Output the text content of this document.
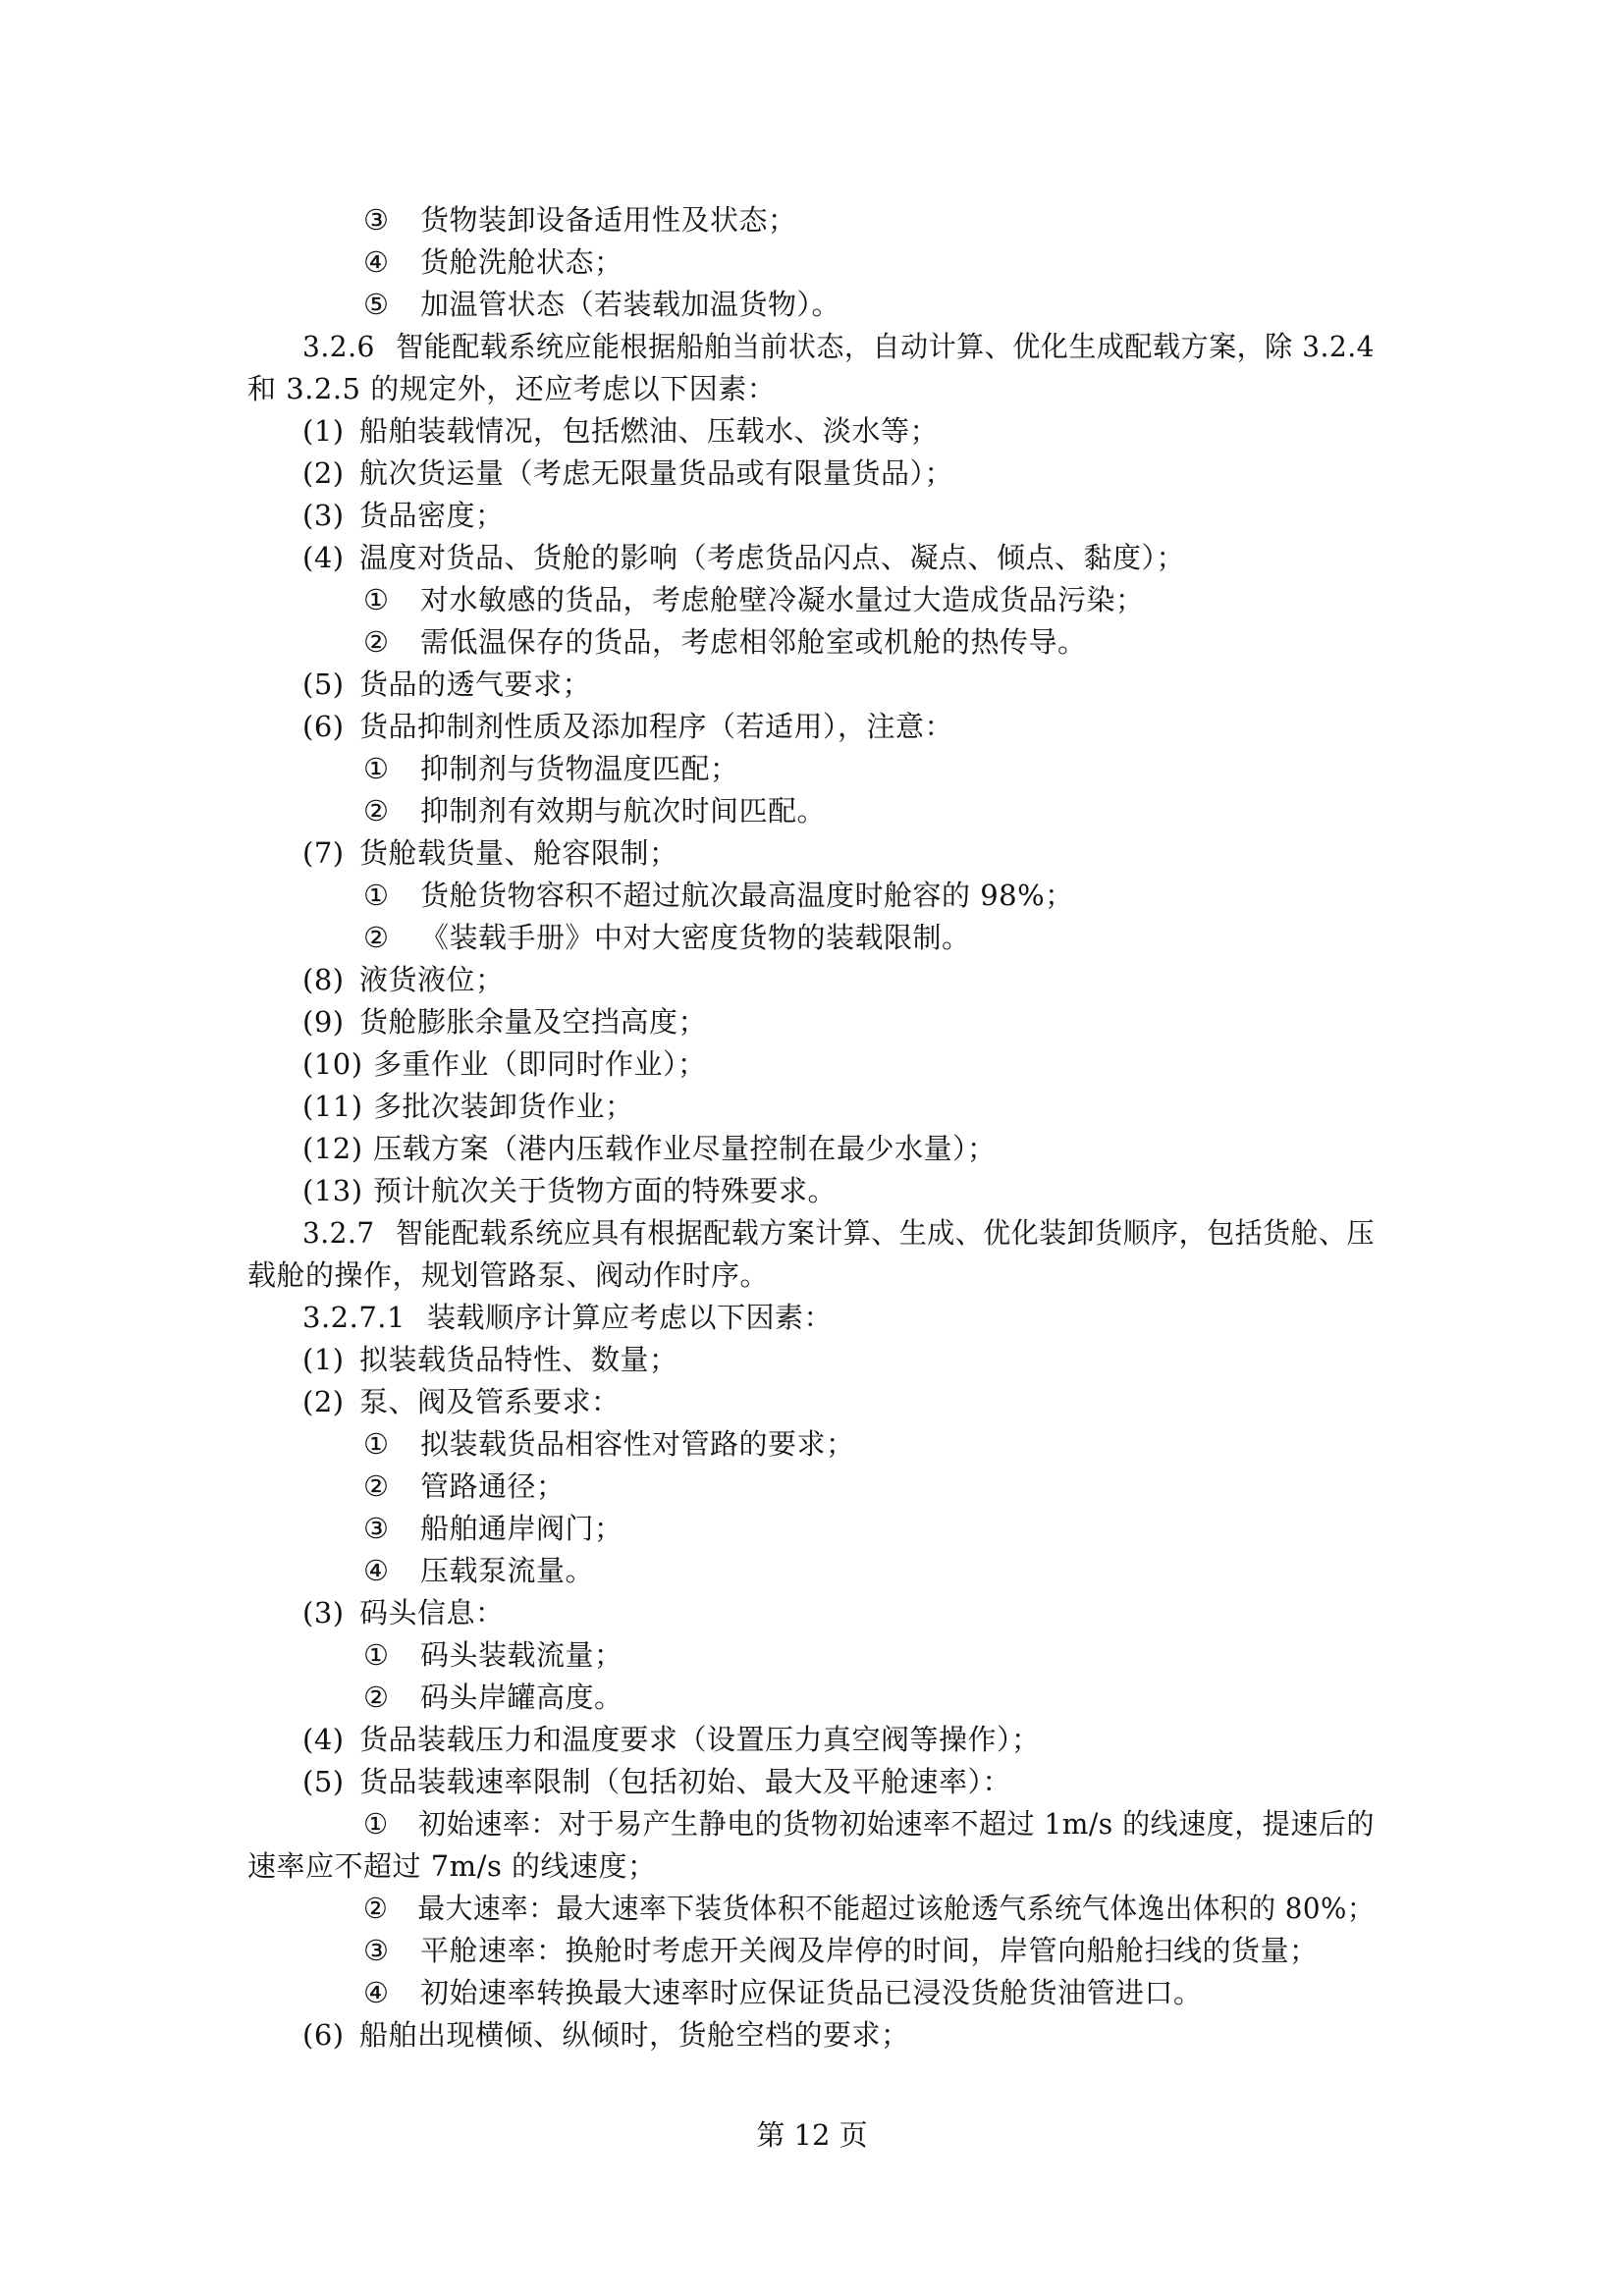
③ 货物装卸设备适用性及状态；
④ 货舱洗舱状态；
⑤ 加温管状态（若装载加温货物）。
3.2.6 智能配载系统应能根据船舶当前状态，自动计算、优化生成配载方案，除 3.2.4
和 3.2.5 的规定外，还应考虑以下因素：
(1) 船舶装载情况，包括燃油、压载水、淡水等；
(2) 航次货运量（考虑无限量货品或有限量货品）；
(3) 货品密度；
(4) 温度对货品、货舱的影响（考虑货品闪点、凝点、倾点、黏度）；
① 对水敏感的货品，考虑舱壁冷凝水量过大造成货品污染；
② 需低温保存的货品，考虑相邻舱室或机舱的热传导。
(5) 货品的透气要求；
(6) 货品抑制剂性质及添加程序（若适用），注意：
① 抑制剂与货物温度匹配；
② 抑制剂有效期与航次时间匹配。
(7) 货舱载货量、舱容限制；
① 货舱货物容积不超过航次最高温度时舱容的 98%；
② 《装载手册》中对大密度货物的装载限制。
(8) 液货液位；
(9) 货舱膨胀余量及空挡高度；
(10) 多重作业（即同时作业）；
(11) 多批次装卸货作业；
(12) 压载方案（港内压载作业尽量控制在最少水量）；
(13) 预计航次关于货物方面的特殊要求。
3.2.7 智能配载系统应具有根据配载方案计算、生成、优化装卸货顺序，包括货舱、压
载舱的操作，规划管路泵、阀动作时序。
3.2.7.1 装载顺序计算应考虑以下因素：
(1) 拟装载货品特性、数量；
(2) 泵、阀及管系要求：
① 拟装载货品相容性对管路的要求；
② 管路通径；
③ 船舶通岸阀门；
④ 压载泵流量。
(3) 码头信息：
① 码头装载流量；
② 码头岸罐高度。
(4) 货品装载压力和温度要求（设置压力真空阀等操作）；
(5) 货品装载速率限制（包括初始、最大及平舱速率）：
① 初始速率：对于易产生静电的货物初始速率不超过 1m/s 的线速度，提速后的
速率应不超过 7m/s 的线速度；
② 最大速率：最大速率下装货体积不能超过该舱透气系统气体逸出体积的 80%；
③ 平舱速率：换舱时考虑开关阀及岸停的时间，岸管向船舱扫线的货量；
④ 初始速率转换最大速率时应保证货品已浸没货舱货油管进口。
(6) 船舶出现横倾、纵倾时，货舱空档的要求；
第 12 页
